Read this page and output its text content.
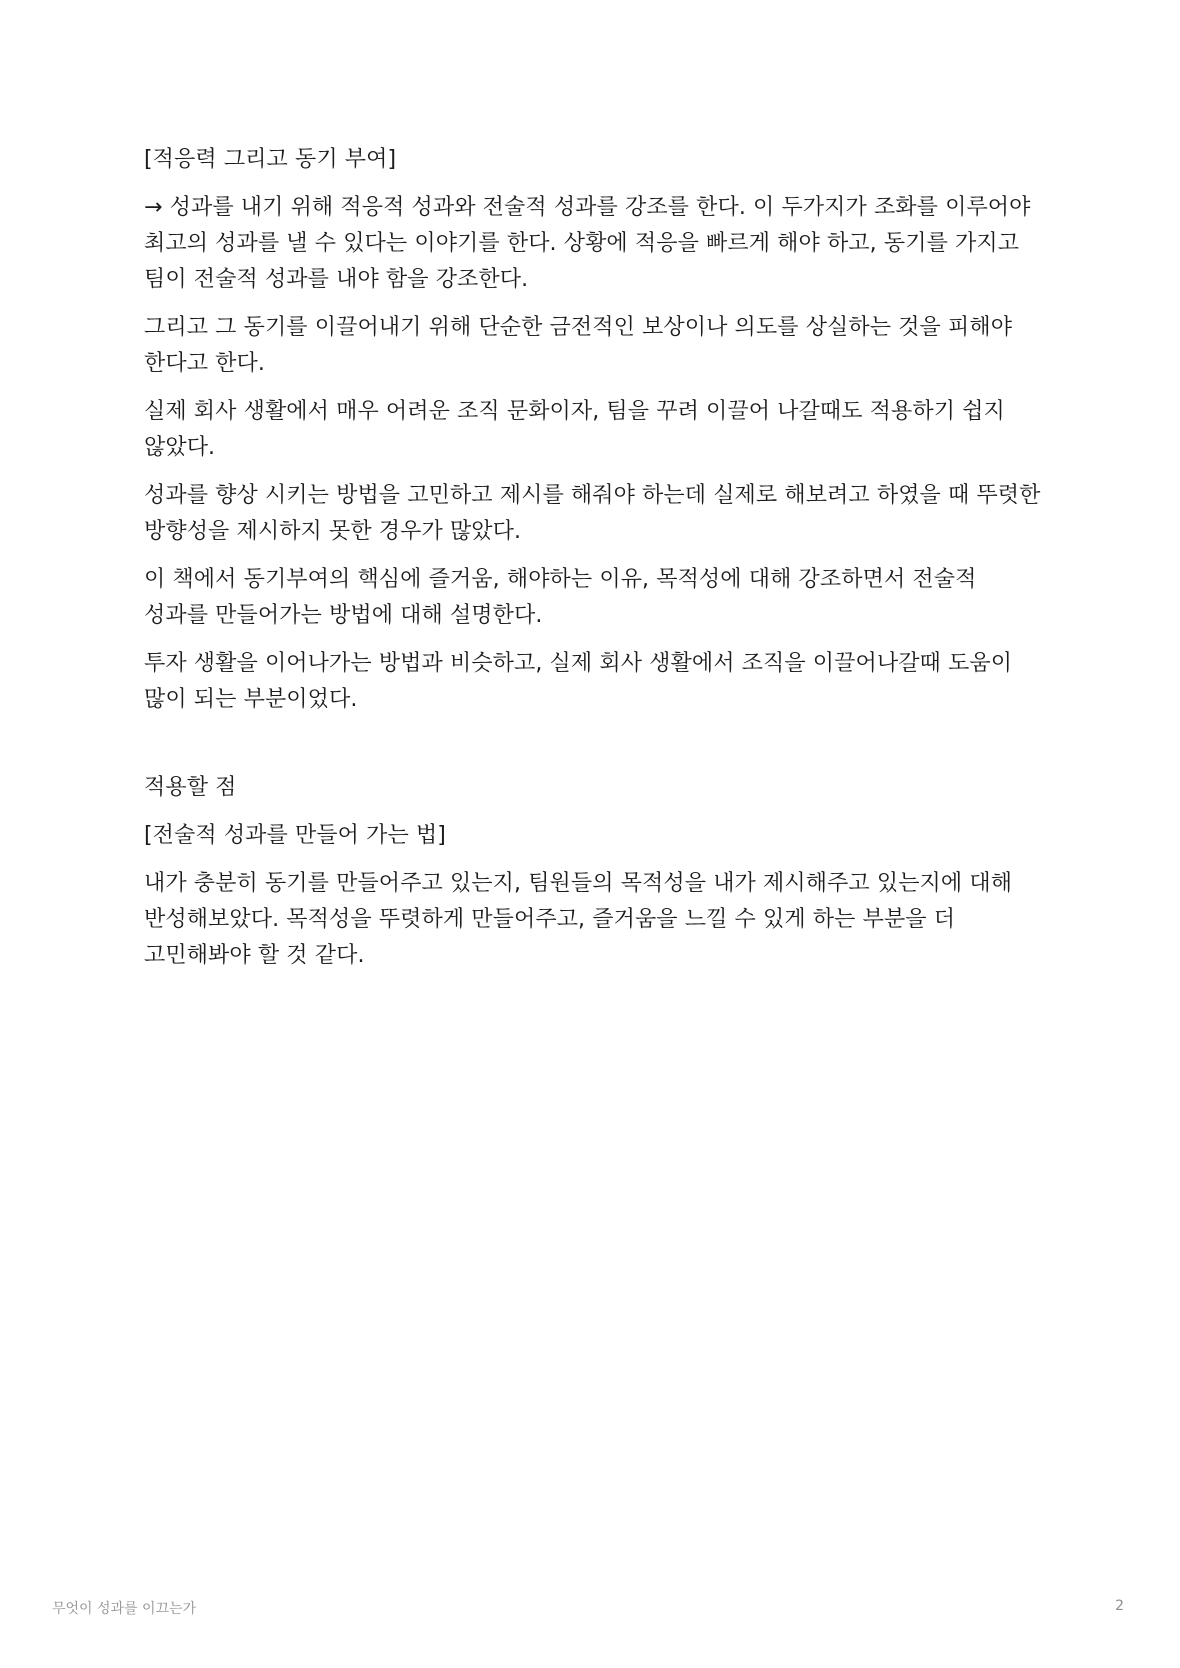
[적응력 그리고 동기 부여]

→ 성과를 내기 위해 적응적 성과와 전술적 성과를 강조를 한다. 이 두가지가 조화를 이루어야 최고의 성과를 낼 수 있다는 이야기를 한다. 상황에 적응을 빠르게 해야 하고, 동기를 가지고 팀이 전술적 성과를 내야 함을 강조한다.

그리고 그 동기를 이끌어내기 위해 단순한 금전적인 보상이나 의도를 상실하는 것을 피해야 한다고 한다.

실제 회사 생활에서 매우 어려운 조직 문화이자, 팀을 꾸려 이끌어 나갈때도 적용하기 쉽지 않았다.

성과를 향상 시키는 방법을 고민하고 제시를 해줘야 하는데 실제로 해보려고 하였을 때 뚜렷한 방향성을 제시하지 못한 경우가 많았다.

이 책에서 동기부여의 핵심에 즐거움, 해야하는 이유, 목적성에 대해 강조하면서 전술적 성과를 만들어가는 방법에 대해 설명한다.

투자 생활을 이어나가는 방법과 비슷하고, 실제 회사 생활에서 조직을 이끌어나갈때 도움이 많이 되는 부분이었다.

적용할 점

[전술적 성과를 만들어 가는 법]

내가 충분히 동기를 만들어주고 있는지, 팀원들의 목적성을 내가 제시해주고 있는지에 대해 반성해보았다. 목적성을 뚜렷하게 만들어주고, 즐거움을 느낄 수 있게 하는 부분을 더 고민해봐야 할 것 같다.

무엇이 성과를 이끄는가	2
